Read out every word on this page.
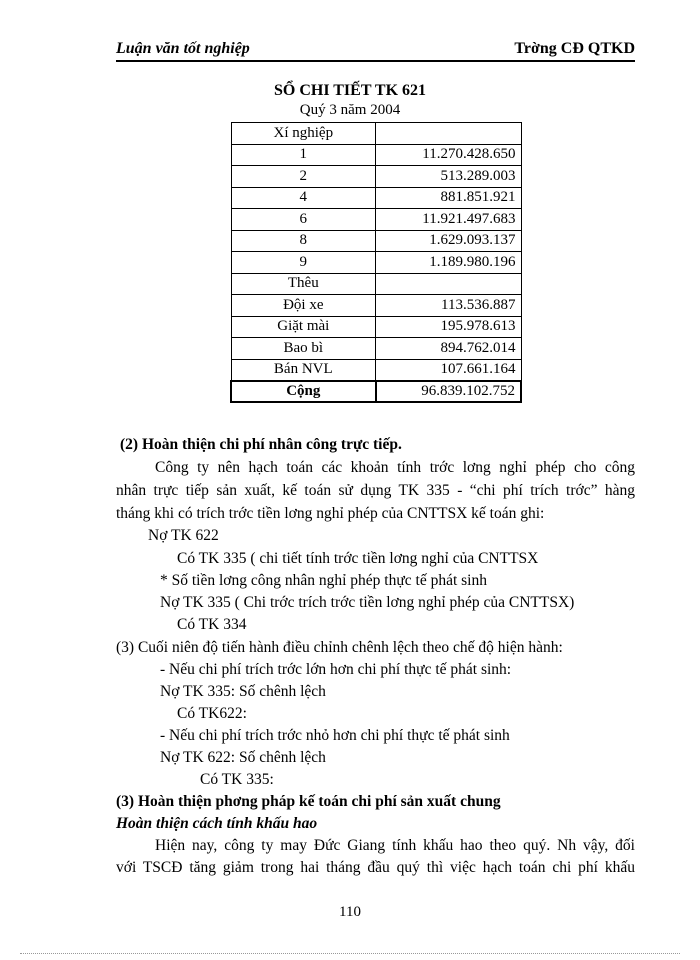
Luận văn tốt nghiệp	Trờng CĐ QTKD
SỔ CHI TIẾT TK 621
Quý 3 năm 2004
Xí nghiệp	
1	11.270.428.650
2	513.289.003
4	881.851.921
6	11.921.497.683
8	1.629.093.137
9	1.189.980.196
Thêu	
Đội xe	113.536.887
Giặt mài	195.978.613
Bao bì	894.762.014
Bán NVL	107.661.164
Cộng	96.839.102.752
(2) Hoàn thiện chi phí nhân công trực tiếp.
Công ty nên hạch toán các khoản tính trớc lơng nghỉ phép cho công
nhân trực tiếp sản xuất, kế toán sử dụng TK 335 - “chi phí trích trớc” hàng
tháng khi có trích trớc tiền lơng nghỉ phép của CNTTSX kế toán ghi:
Nợ TK 622
Có TK 335 ( chi tiết tính trớc tiền lơng nghỉ của CNTTSX
* Số tiền lơng công nhân nghỉ phép thực tế phát sinh
Nợ TK 335 ( Chi trớc trích trớc tiền lơng nghỉ phép của CNTTSX)
Có TK 334
(3) Cuối niên độ tiến hành điều chỉnh chênh lệch theo chế độ hiện hành:
- Nếu chi phí trích trớc lớn hơn chi phí thực tế phát sinh:
Nợ TK 335: Số chênh lệch
Có TK622:
- Nếu chi phí trích trớc nhỏ hơn chi phí thực tế phát sinh
Nợ TK 622: Số chênh lệch
Có TK 335:
(3) Hoàn thiện phơng pháp kế toán chi phí sản xuất chung
Hoàn thiện cách tính khấu hao
Hiện nay, công ty may Đức Giang tính khấu hao theo quý. Nh vậy, đối
với TSCĐ tăng giảm trong hai tháng đầu quý thì việc hạch toán chi phí khấu
110
